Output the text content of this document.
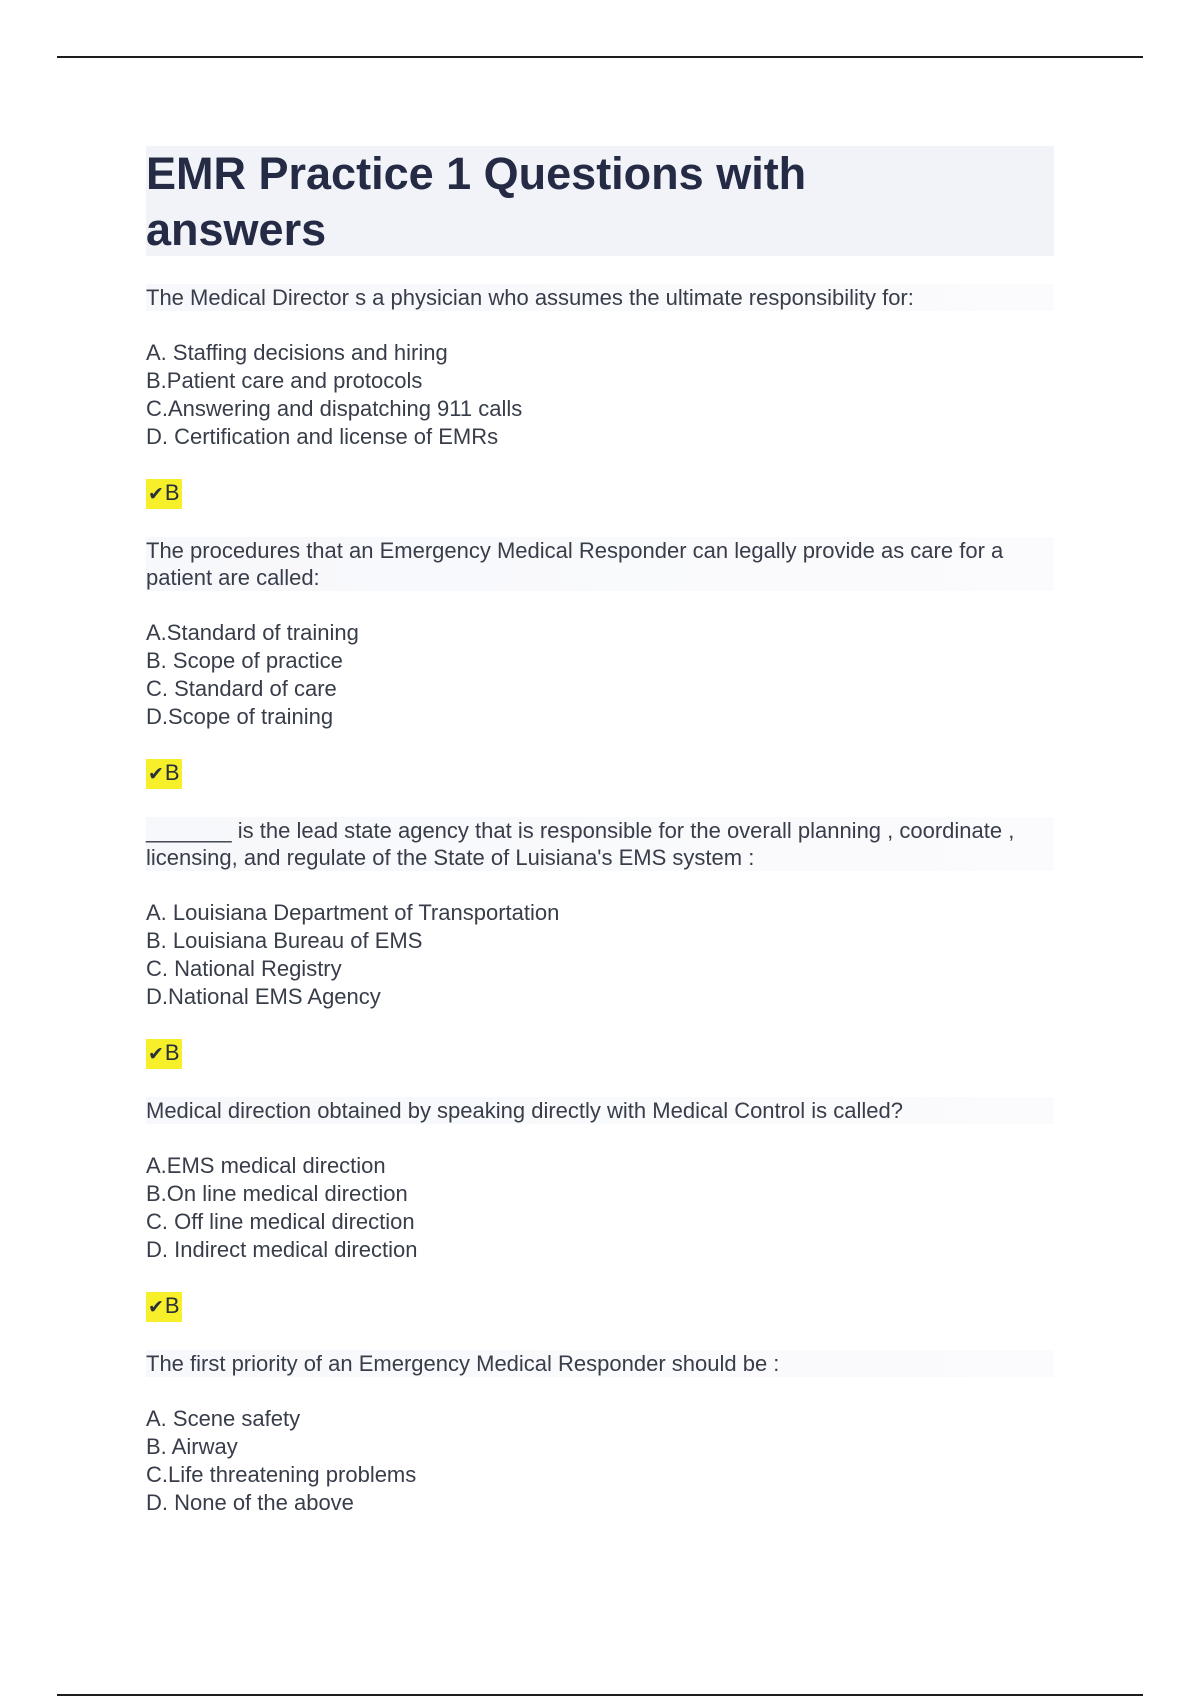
EMR Practice 1 Questions with answers

The Medical Director s a physician who assumes the ultimate responsibility for:

A. Staffing decisions and hiring
B.Patient care and protocols
C.Answering and dispatching 911 calls
D. Certification and license of EMRs
✔B

The procedures that an Emergency Medical Responder can legally provide as care for a patient are called:

A.Standard of training
B. Scope of practice
C. Standard of care
D.Scope of training
✔B

_______ is the lead state agency that is responsible for the overall planning , coordinate , licensing, and regulate of the State of Luisiana's EMS system :

A. Louisiana Department of Transportation
B. Louisiana Bureau of EMS
C. National Registry
D.National EMS Agency
✔B

Medical direction obtained by speaking directly with Medical Control is called?

A.EMS medical direction
B.On line medical direction
C. Off line medical direction
D. Indirect medical direction
✔B

The first priority of an Emergency Medical Responder should be :

A. Scene safety
B. Airway
C.Life threatening problems
D. None of the above
